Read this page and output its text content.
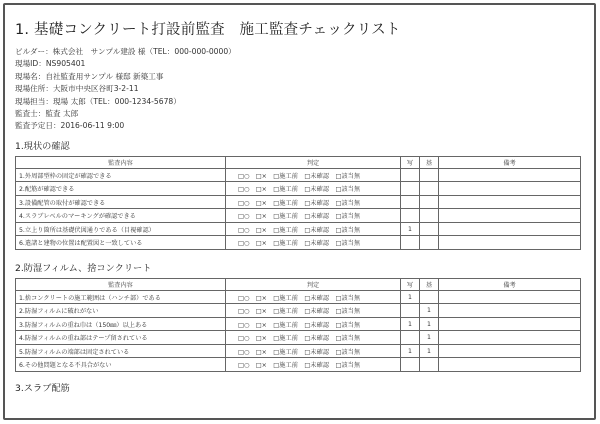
1. 基礎コンクリート打設前監査　施工監査チェックリスト
ビルダー：株式会社　サンプル建設 様（TEL：000-000-0000）
現場ID：NS905401
現場名：自社監査用サンプル 様邸 新築工事
現場住所：大阪市中央区谷町3-2-11
現場担当：現場 太郎（TEL：000-1234-5678）
監査士：監査 太郎
監査予定日：2016-06-11 9:00
1.現状の確認
監査内容	判定	写	基	備考
1.外周部型枠の固定が確認できる	□○　□×　□施工前　□未確認　□該当無			
2.配筋が確認できる	□○　□×　□施工前　□未確認　□該当無			
3.設備配管の取付が確認できる	□○　□×　□施工前　□未確認　□該当無			
4.スラブレベルのマーキングが確認できる	□○　□×　□施工前　□未確認　□該当無			
5.立上り箇所は基礎伏図通りである（目視確認）	□○　□×　□施工前　□未確認　□該当無	1		
6.遣諸と建物の位置は配置図と一致している	□○　□×　□施工前　□未確認　□該当無			
2.防湿フィルム、捨コンクリート
監査内容	判定	写	基	備考
1.捨コンクリートの施工範囲は（ハンチ部）である	□○　□×　□施工前　□未確認　□該当無	1		
2.防湿フィルムに破れがない	□○　□×　□施工前　□未確認　□該当無		1	
3.防湿フィルムの重ね巾は（150㎜）以上ある	□○　□×　□施工前　□未確認　□該当無	1	1	
4.防湿フィルムの重ね部はテープ留されている	□○　□×　□施工前　□未確認　□該当無		1	
5.防湿フィルムの端部は固定されている	□○　□×　□施工前　□未確認　□該当無	1	1	
6.その他問題となる不具合がない	□○　□×　□施工前　□未確認　□該当無			
3.スラブ配筋
